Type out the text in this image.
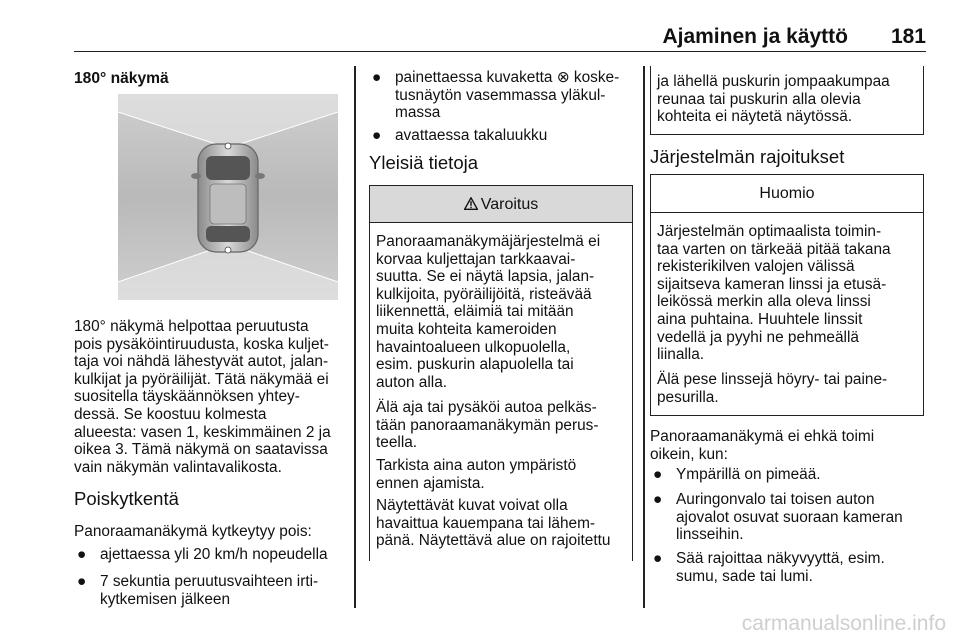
Ajaminen ja käyttö 181
180° näkymä
180° näkymä helpottaa peruutusta
pois pysäköintiruudusta, koska kuljet-
taja voi nähdä lähestyvät autot, jalan-
kulkijat ja pyöräilijät. Tätä näkymää ei
suositella täyskäännöksen yhtey-
dessä. Se koostuu kolmesta
alueesta: vasen 1, keskimmäinen 2 ja
oikea 3. Tämä näkymä on saatavissa
vain näkymän valintavalikosta.
Poiskytkentä
Panoraamanäkymä kytkeytyy pois:
● ajettaessa yli 20 km/h nopeudella
● 7 sekuntia peruutusvaihteen irti-
kytkemisen jälkeen
● painettaessa kuvaketta ⊗ koske-
tusnäytön vasemmassa yläkul-
massa
● avattaessa takaluukku
Yleisiä tietoja
Varoitus
Panoraamanäkymäjärjestelmä ei
korvaa kuljettajan tarkkaavai-
suutta. Se ei näytä lapsia, jalan-
kulkijoita, pyöräilijöitä, risteävää
liikennettä, eläimiä tai mitään
muita kohteita kameroiden
havaintoalueen ulkopuolella,
esim. puskurin alapuolella tai
auton alla.
Älä aja tai pysäköi autoa pelkäs-
tään panoraamanäkymän perus-
teella.
Tarkista aina auton ympäristö
ennen ajamista.
Näytettävät kuvat voivat olla
havaittua kauempana tai lähem-
pänä. Näytettävä alue on rajoitettu
ja lähellä puskurin jompaakumpaa
reunaa tai puskurin alla olevia
kohteita ei näytetä näytössä.
Järjestelmän rajoitukset
Huomio
Järjestelmän optimaalista toimin-
taa varten on tärkeää pitää takana
rekisterikilven valojen välissä
sijaitseva kameran linssi ja etusä-
leikössä merkin alla oleva linssi
aina puhtaina. Huuhtele linssit
vedellä ja pyyhi ne pehmeällä
liinalla.
Älä pese linssejä höyry- tai paine-
pesurilla.
Panoraamanäkymä ei ehkä toimi
oikein, kun:
● Ympärillä on pimeää.
● Auringonvalo tai toisen auton
ajovalot osuvat suoraan kameran
linsseihin.
● Sää rajoittaa näkyvyyttä, esim.
sumu, sade tai lumi.
carmanualsonline.info
